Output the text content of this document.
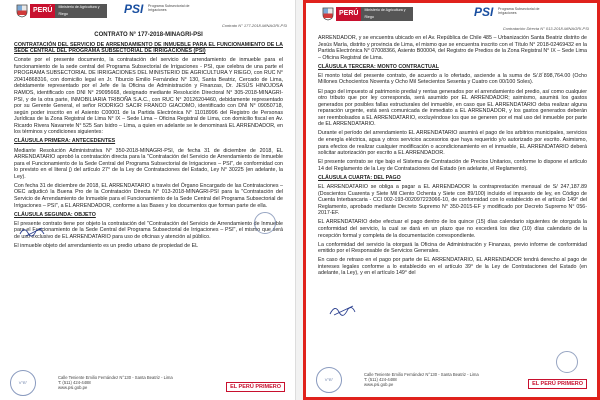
PERÚ	Ministerio de Agricultura y Riego	PSI Programa Subsectorial de Irrigaciones
Contrato N° 177-2018-MINAGRI-PSI

CONTRATO N° 177-2018-MINAGRI-PSI

CONTRATACIÓN DEL SERVICIO DE ARRENDAMIENTO DE INMUEBLE PARA EL FUNCIONAMIENTO DE LA SEDE CENTRAL DEL PROGRAMA SUBSECTORIAL DE IRRIGACIONES (PSI)

Conste por el presente documento, la contratación del servicio de arrendamiento de inmueble para el funcionamiento de la sede central del Programa Subsectorial de Irrigaciones - PSI, que celebra de una parte el PROGRAMA SUBSECTORIAL DE IRRIGACIONES DEL MINISTERIO DE AGRICULTURA Y RIEGO, con RUC N° 20414868316, con domicilio legal en Jr. Tiburcio Emilio Fernández N° 130, Santa Beatriz, Cercado de Lima, debidamente representado por el Jefe de la Oficina de Administración y Finanzas, Dr. JESÚS HINOJOSA RAMOS, identificado con DNI N° 29095668, designado mediante Resolución Directoral N° 305-2018-MINAGRI-PSI, y de la otra parte, INMOBILIARIA TRIBOÑA S.A.C., con RUC N° 20126204460, debidamente representado por su Gerente General, el señor RODRIGO SACIR FRANCO GIACOMO, identificado con DNI N° 09050718, según poder inscrito en el Asiento C00001 de la Partida Electrónica N° 11018996 del Registro de Personas Jurídicas de la Zona Registral de Lima N° IX – Sede Lima – Oficina Registral de Lima, con domicilio fiscal en Av. Ricardo Rivera Navarrete N° 525 San Isidro – Lima, a quien en adelante se le denominará EL ARRENDADOR, en los términos y condiciones siguientes:

CLÁUSULA PRIMERA: ANTECEDENTES

Mediante Resolución Administrativa N° 350-2018-MINAGRI-PSI, de fecha 31 de diciembre de 2018, EL ARRENDATARIO aprobó la contratación directa para la "Contratación del Servicio de Arrendamiento de Inmueble para el Funcionamiento de la Sede Central del Programa Subsectorial de Irrigaciones – PSI", de conformidad con lo previsto en el literal j) del artículo 27° de la Ley de Contrataciones del Estado, Ley N° 30225 (en adelante, la Ley).

Con fecha 31 de diciembre de 2018, EL ARRENDATARIO a través del Órgano Encargado de las Contrataciones – OEC adjudicó la Buena Pro de la Contratación Directa N° 013-2018-MINAGRI-PSI para la "Contratación del Servicio de Arrendamiento de Inmueble para el Funcionamiento de la Sede Central del Programa Subsectorial de Irrigaciones – PSI", a EL ARRENDADOR, conforme a las Bases y los documentos que forman parte de ella.

CLÁUSULA SEGUNDA: OBJETO

El presente contrato tiene por objeto la contratación del "Contratación del Servicio de Arrendamiento de Inmueble para el Funcionamiento de la Sede Central del Programa Subsectorial de Irrigaciones – PSI", el mismo que será de uso exclusivo de EL ARRENDATARIO para uso de oficinas y atención al público.

El inmueble objeto del arrendamiento es un predio urbano de propiedad de EL

V°B°
Calle Teniente Emilio Fernández N°130 - Santa Beatriz - Lima
T: (511) 424-4488
www.psi.gob.pe	EL PERÚ PRIMERO
PERÚ	Ministerio de Agricultura y Riego	PSI Programa Subsectorial de Irrigaciones
Contratación Directa N° 013-2018-MINAGRI-PSI

ARRENDADOR, y se encuentra ubicado en el Av. República de Chile 485 – Urbanización Santa Beatriz distrito de Jesús María, distrito y provincia de Lima, el mismo que se encuentra inscrito con el Título N° 2018-02469432 en la Partida Electrónica N° 07008366, Asiento B00004, del Registro de Predios de la Zona Registral N° IX – Sede Lima – Oficina Registral de Lima.

CLÁUSULA TERCERA: MONTO CONTRACTUAL

El monto total del presente contrato, de acuerdo a lo ofertado, asciende a la suma de S/.8´898,764.00 (Ocho Millones Ochocientos Noventa y Ocho Mil Setecientos Sesenta y Cuatro con 00/100 Soles).

El pago del impuesto al patrimonio predial y rentas generados por el arrendamiento del predio, así como cualquier otro tributo que por ley corresponda, será asumido por EL ARRENDADOR; asimismo, asumirá los gastos generados por posibles fallas estructurales del inmueble, en caso que EL ARRENDATARIO deba realizar alguna reparación urgente, está será comunicada de inmediato a EL ARRENDADOR, y los gastos generados deberán ser reembolsados a EL ARRENDATARIO, excluyéndose los que se generen por el mal uso del inmueble por parte de EL ARRENDATARIO.

Durante el período del arrendamiento EL ARRENDATARIO asumirá el pago de los arbitrios municipales, servicios de energía eléctrica, agua y otros servicios accesorios que haya requerido y/o autorizado por escrito. Asimismo, para efectos de realizar cualquier modificación o acondicionamiento en el inmueble, EL ARRENDATARIO deberá solicitar autorización por escrito a EL ARRENDADOR.

El presente contrato se rige bajo el Sistema de Contratación de Precios Unitarios, conforme lo dispone el artículo 14 del Reglamento de la Ley de Contrataciones del Estado (en adelante, el Reglamento).

CLÁUSULA CUARTA: DEL PAGO

EL ARRENDATARIO se obliga a pagar a EL ARRENDADOR la contraprestación mensual de S/ 247,187.89 (Doscientos Cuarenta y Siete Mil Ciento Ochenta y Siete con 89/100) incluido el impuesto de ley, en Código de Cuenta Interbancaria - CCI 002-193-002097223066-10, de conformidad con lo establecido en el artículo 149° del Reglamento, aprobado mediante Decreto Supremo N° 350-2015-EF y modificado por Decreto Supremo N° 056-2017-EF.

EL ARRENDATARIO debe efectuar el pago dentro de los quince (15) días calendario siguientes de otorgada la conformidad del servicio, la cual se dará en un plazo que no excederá los diez (10) días calendario de la recepción formal y completa de la documentación correspondiente.

La conformidad del servicio la otorgará la Oficina de Administración y Finanzas, previo informe de conformidad emitido por el Responsable de Servicios Generales.

En caso de retraso en el pago por parte de EL ARRENDATARIO, EL ARRENDADOR tendrá derecho al pago de intereses legales conforme a lo establecido en el artículo 39° de la Ley de Contrataciones del Estado (en adelante, la Ley), y en el artículo 149° del

V°B°
Calle Teniente Emilio Fernández N°130 - Santa Beatriz - Lima
T: (511) 424-4488
www.psi.gob.pe	EL PERÚ PRIMERO
